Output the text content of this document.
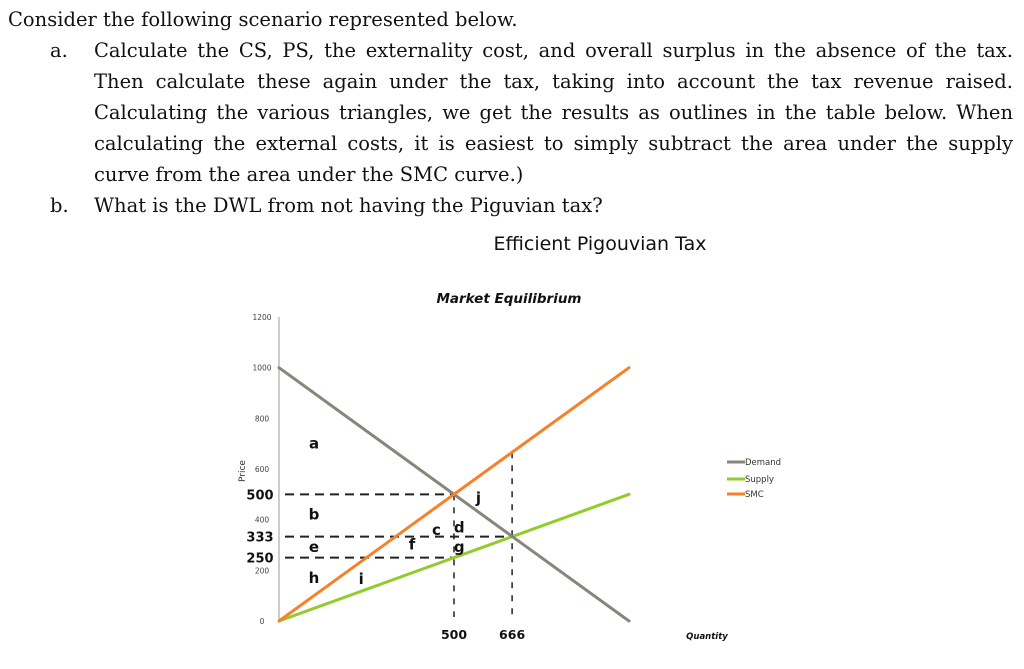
Consider the following scenario represented below.

a.	Calculate the CS, PS, the externality cost, and overall surplus in the absence of the tax. Then calculate these again under the tax, taking into account the tax revenue raised. Calculating the various triangles, we get the results as outlines in the table below. When calculating the external costs, it is easiest to simply subtract the area under the supply curve from the area under the SMC curve.)
b.	What is the DWL from not having the Piguvian tax?
Efficient Pigouvian Tax
Market Equilibrium
Price
Quantity
1200
1000
800
600
400
200
0
500
333
250
500	666
a
b
c d
j
e	f	g
h	i
Demand
Supply
SMC
